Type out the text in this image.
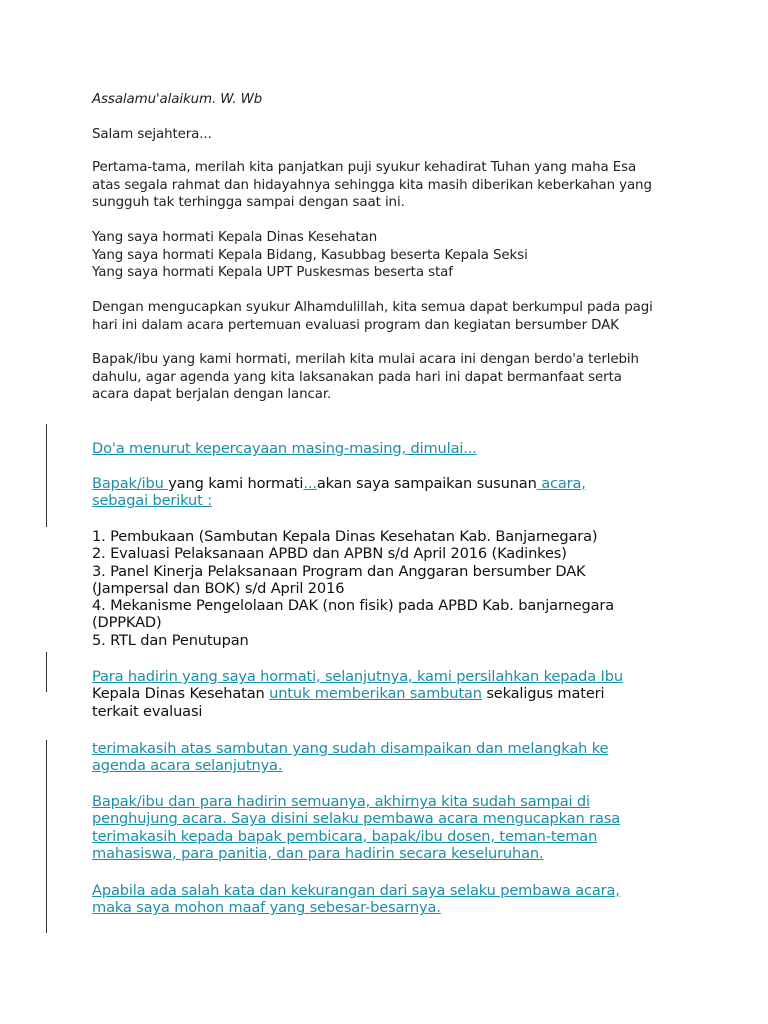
Assalamu'alaikum. W. Wb

Salam sejahtera...

Pertama-tama, merilah kita panjatkan puji syukur kehadirat Tuhan yang maha Esa
atas segala rahmat dan hidayahnya sehingga kita masih diberikan keberkahan yang
sungguh tak terhingga sampai dengan saat ini.
Yang saya hormati Kepala Dinas Kesehatan
Yang saya hormati Kepala Bidang, Kasubbag beserta Kepala Seksi
Yang saya hormati Kepala UPT Puskesmas beserta staf
Dengan mengucapkan syukur Alhamdulillah, kita semua dapat berkumpul pada pagi
hari ini dalam acara pertemuan evaluasi program dan kegiatan bersumber DAK
Bapak/ibu yang kami hormati, merilah kita mulai acara ini dengan berdo'a terlebih
dahulu, agar agenda yang kita laksanakan pada hari ini dapat bermanfaat serta
acara dapat berjalan dengan lancar.
Do'a menurut kepercayaan masing-masing, dimulai...
Bapak/ibu yang kami hormati...akan saya sampaikan susunan acara,
sebagai berikut :
1. Pembukaan (Sambutan Kepala Dinas Kesehatan Kab. Banjarnegara)
2. Evaluasi Pelaksanaan APBD dan APBN s/d April 2016 (Kadinkes)
3. Panel Kinerja Pelaksanaan Program dan Anggaran bersumber DAK
(Jampersal dan BOK) s/d April 2016
4. Mekanisme Pengelolaan DAK (non fisik) pada APBD Kab. banjarnegara
(DPPKAD)
5. RTL dan Penutupan
Para hadirin yang saya hormati, selanjutnya, kami persilahkan kepada Ibu
Kepala Dinas Kesehatan untuk memberikan sambutan sekaligus materi
terkait evaluasi
terimakasih atas sambutan yang sudah disampaikan dan melangkah ke
agenda acara selanjutnya.
Bapak/ibu dan para hadirin semuanya, akhirnya kita sudah sampai di
penghujung acara. Saya disini selaku pembawa acara mengucapkan rasa
terimakasih kepada bapak pembicara, bapak/ibu dosen, teman-teman
mahasiswa, para panitia, dan para hadirin secara keseluruhan.
Apabila ada salah kata dan kekurangan dari saya selaku pembawa acara,
maka saya mohon maaf yang sebesar-besarnya.
